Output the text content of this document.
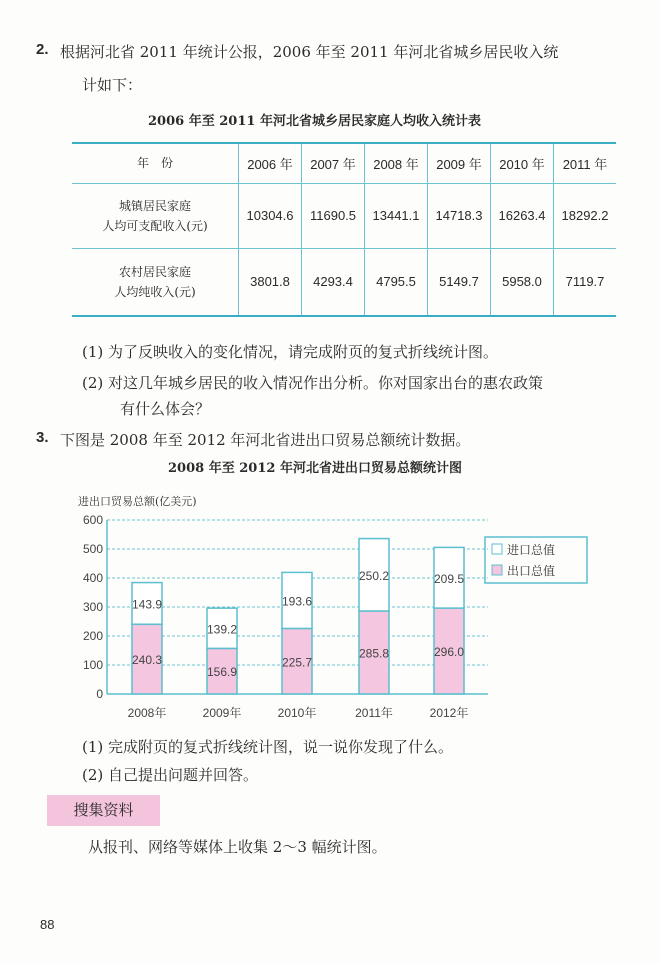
2. 根据河北省 2011 年统计公报，2006 年至 2011 年河北省城乡居民收入统
计如下：
2006 年至 2011 年河北省城乡居民家庭人均收入统计表
年　份	2006 年	2007 年	2008 年	2009 年	2010 年	2011 年

城镇居民家庭
人均可支配收入(元)	10304.6	11690.5	13441.1	14718.3	16263.4	18292.2

农村居民家庭
人均纯收入(元)	3801.8	4293.4	4795.5	5149.7	5958.0	7119.7
(1) 为了反映收入的变化情况，请完成附页的复式折线统计图。
(2) 对这几年城乡居民的收入情况作出分析。你对国家出台的惠农政策
有什么体会？
3. 下图是 2008 年至 2012 年河北省进出口贸易总额统计数据。
2008 年至 2012 年河北省进出口贸易总额统计图
进出口贸易总额(亿美元)
0
100
200
300
400
500
600
143.9
240.3
2008年
139.2
156.9
2009年
193.6
225.7
2010年
250.2
285.8
2011年
209.5
296.0
2012年
进口总值
出口总值
(1) 完成附页的复式折线统计图，说一说你发现了什么。
(2) 自己提出问题并回答。
搜集资料
从报刊、网络等媒体上收集 2～3 幅统计图。
88
